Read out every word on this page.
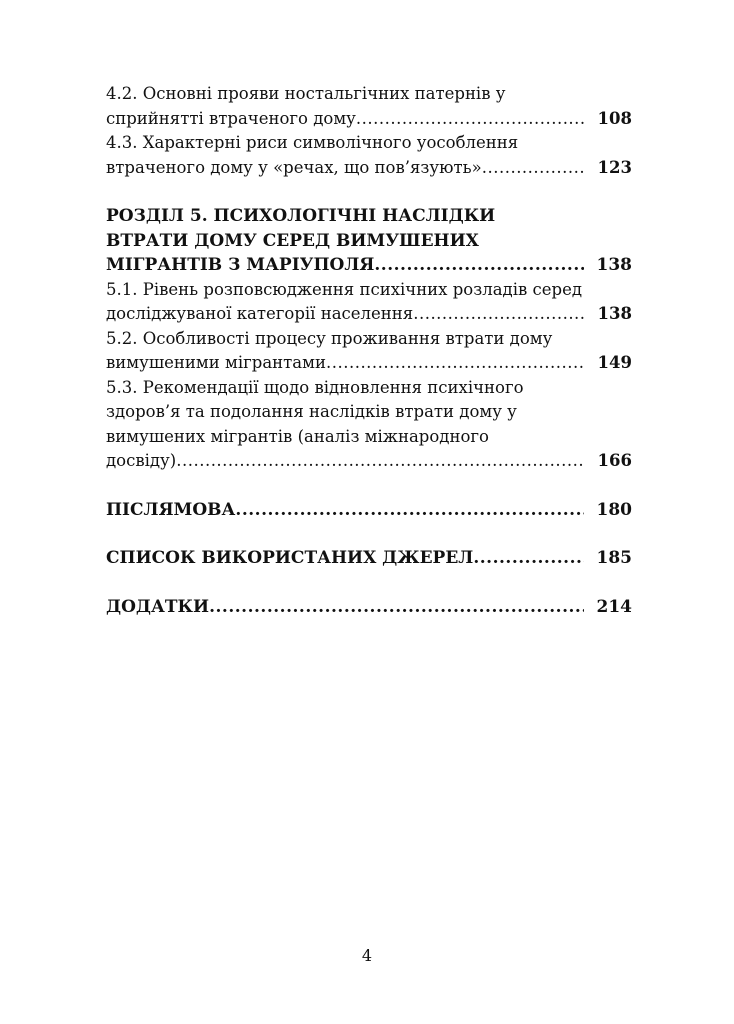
4.2. Основні прояви ностальгічних патернів у
сприйнятті втраченого дому .....	108
4.3. Характерні риси символічного уособлення
втраченого дому у «речах, що пов’язують» .....	123
РОЗДІЛ 5. ПСИХОЛОГІЧНІ НАСЛІДКИ
ВТРАТИ ДОМУ СЕРЕД ВИМУШЕНИХ
МІГРАНТІВ З МАРІУПОЛЯ .....	138
5.1. Рівень розповсюдження психічних розладів серед
досліджуваної категорії населення .....	138
5.2. Особливості процесу проживання втрати дому
вимушеними мігрантами .....	149
5.3. Рекомендації щодо відновлення психічного
здоров’я та подолання наслідків втрати дому у
вимушених мігрантів (аналіз міжнародного
досвіду) .....	166
ПІСЛЯМОВА .....	180
СПИСОК ВИКОРИСТАНИХ ДЖЕРЕЛ .....	185
ДОДАТКИ .....	214
4
